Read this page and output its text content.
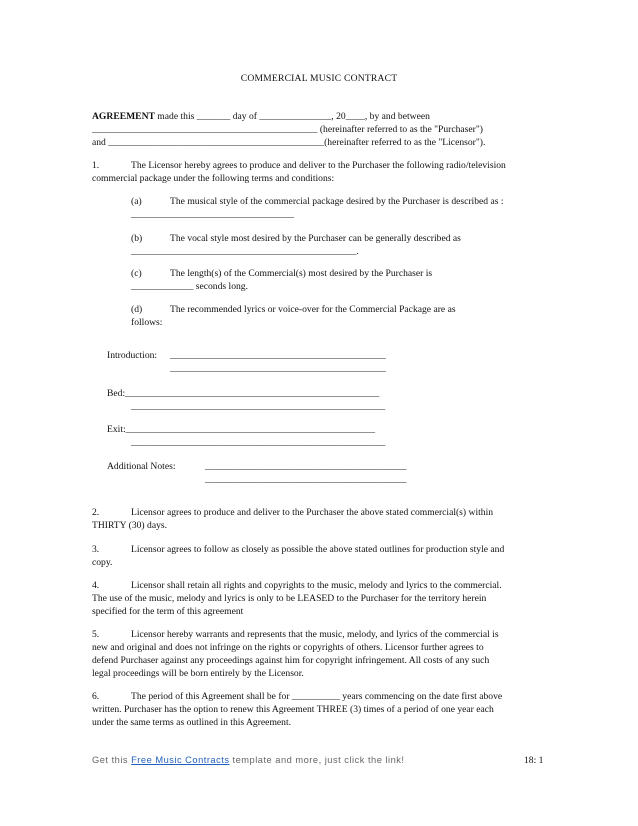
COMMERCIAL MUSIC CONTRACT
AGREEMENT made this _______ day of _______________, 20____, by and between
_______________________________________________ (hereinafter referred to as the "Purchaser")
and _____________________________________________(hereinafter referred to as the "Licensor").
1.	The Licensor hereby agrees to produce and deliver to the Purchaser the following radio/television
commercial package under the following terms and conditions:
(a)	The musical style of the commercial package desired by the Purchaser is described as :
__________________________________
(b)	The vocal style most desired by the Purchaser can be generally described as
_______________________________________________.
(c)	The length(s) of the Commercial(s) most desired by the Purchaser is
_____________ seconds long.
(d)	The recommended lyrics or voice-over for the Commercial Package are as
follows:
Introduction: _____________________________________________
_____________________________________________
Bed:_____________________________________________________
_____________________________________________________
Exit:____________________________________________________
_____________________________________________________
Additional Notes:	__________________________________________
__________________________________________
2.	Licensor agrees to produce and deliver to the Purchaser the above stated commercial(s) within
THIRTY (30) days.
3.	Licensor agrees to follow as closely as possible the above stated outlines for production style and
copy.
4.	Licensor shall retain all rights and copyrights to the music, melody and lyrics to the commercial.
The use of the music, melody and lyrics is only to be LEASED to the Purchaser for the territory herein
specified for the term of this agreement
5.	Licensor hereby warrants and represents that the music, melody, and lyrics of the commercial is
new and original and does not infringe on the rights or copyrights of others. Licensor further agrees to
defend Purchaser against any proceedings against him for copyright infringement. All costs of any such
legal proceedings will be born entirely by the Licensor.
6.	The period of this Agreement shall be for __________ years commencing on the date first above
written. Purchaser has the option to renew this Agreement THREE (3) times of a period of one year each
under the same terms as outlined in this Agreement.
Get this Free Music Contracts template and more, just click the link!	18: 1
